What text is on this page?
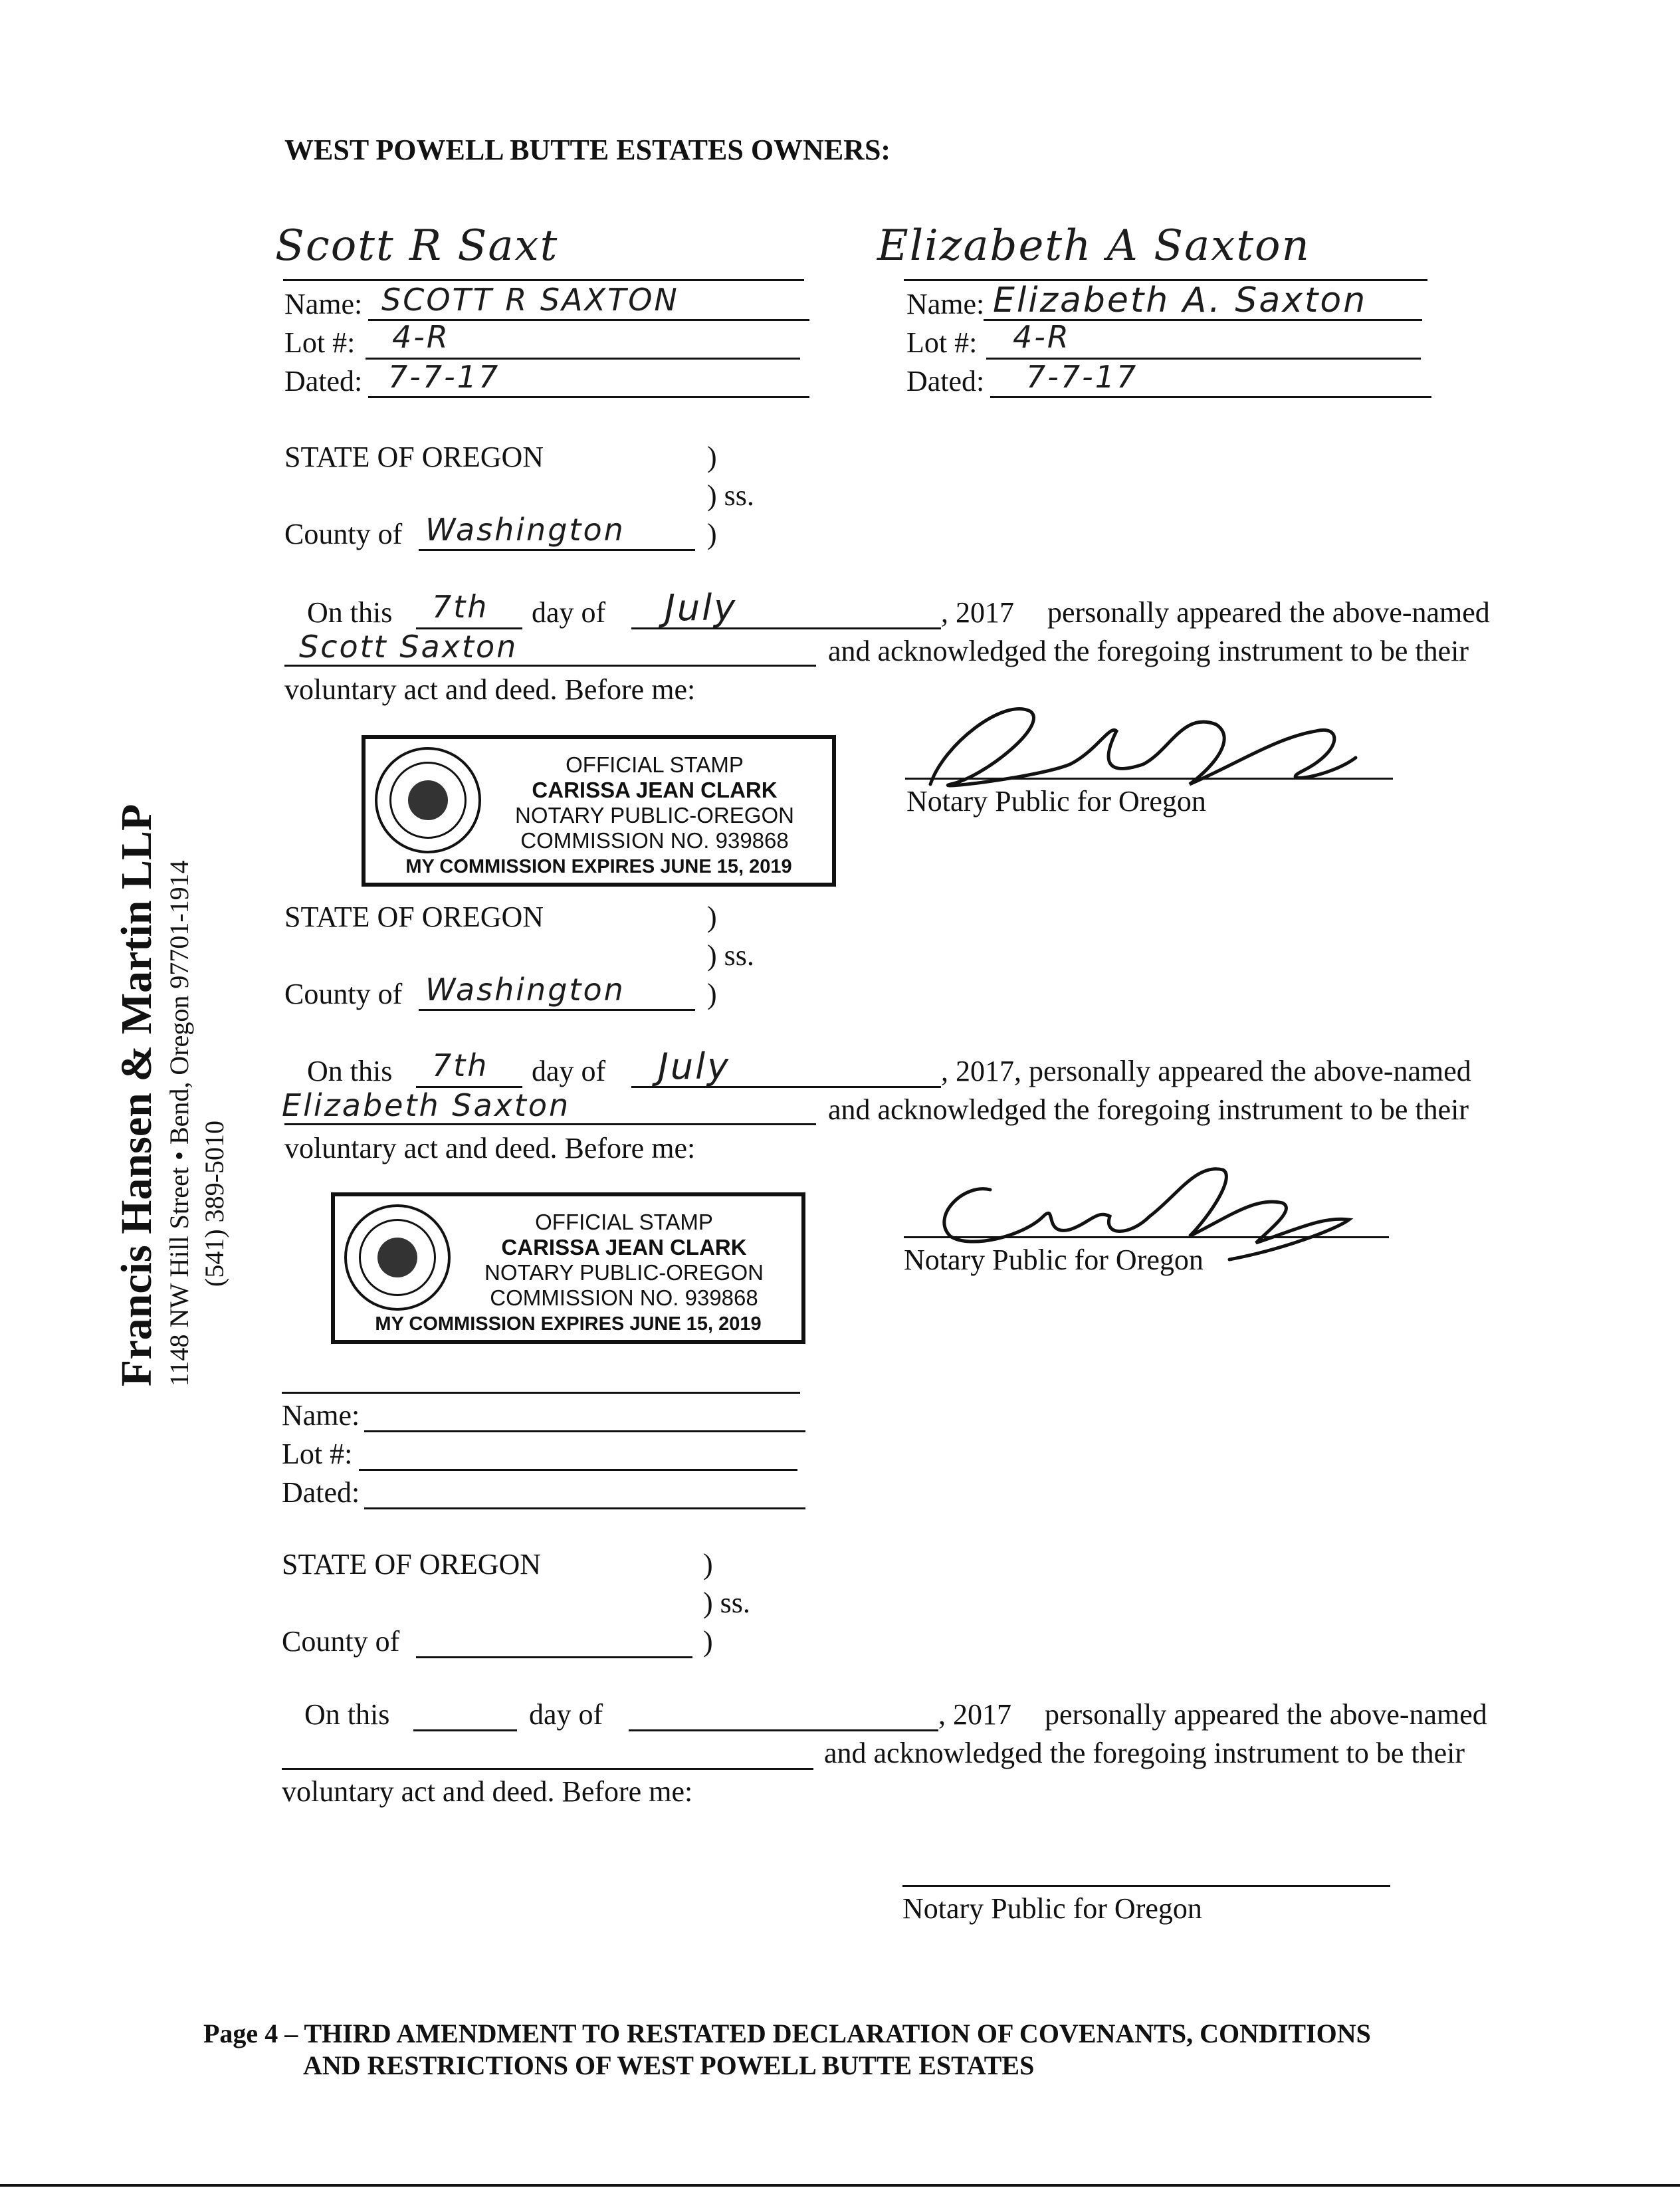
WEST POWELL BUTTE ESTATES OWNERS:
Scott R Saxt
Name: SCOTT R SAXTON
Lot #: 4-R
Dated: 7-7-17
Elizabeth A Saxton
Name: Elizabeth A. Saxton
Lot #: 4-R
Dated: 7-7-17
STATE OF OREGON	)
) ss.
County of Washington	)
On this 7th day of July	, 2017 personally appeared the above-named
Scott Saxton	and acknowledged the foregoing instrument to be their
voluntary act and deed. Before me:
OFFICIAL STAMP
CARISSA JEAN CLARK
NOTARY PUBLIC-OREGON
COMMISSION NO. 939868
MY COMMISSION EXPIRES JUNE 15, 2019
Notary Public for Oregon
STATE OF OREGON	)
) ss.
County of Washington	)
On this 7th day of July	, 2017, personally appeared the above-named
Elizabeth Saxton	and acknowledged the foregoing instrument to be their
voluntary act and deed. Before me:
OFFICIAL STAMP
CARISSA JEAN CLARK
NOTARY PUBLIC-OREGON
COMMISSION NO. 939868
MY COMMISSION EXPIRES JUNE 15, 2019
Notary Public for Oregon
Name:
Lot #:
Dated:
STATE OF OREGON	)
) ss.
County of	)
On this	day of	, 2017 personally appeared the above-named
and acknowledged the foregoing instrument to be their
voluntary act and deed. Before me:
Notary Public for Oregon
Francis Hansen & Martin LLP 1148 NW Hill Street • Bend, Oregon 97701-1914 (541) 389-5010
Page 4 – THIRD AMENDMENT TO RESTATED DECLARATION OF COVENANTS, CONDITIONS
AND RESTRICTIONS OF WEST POWELL BUTTE ESTATES
